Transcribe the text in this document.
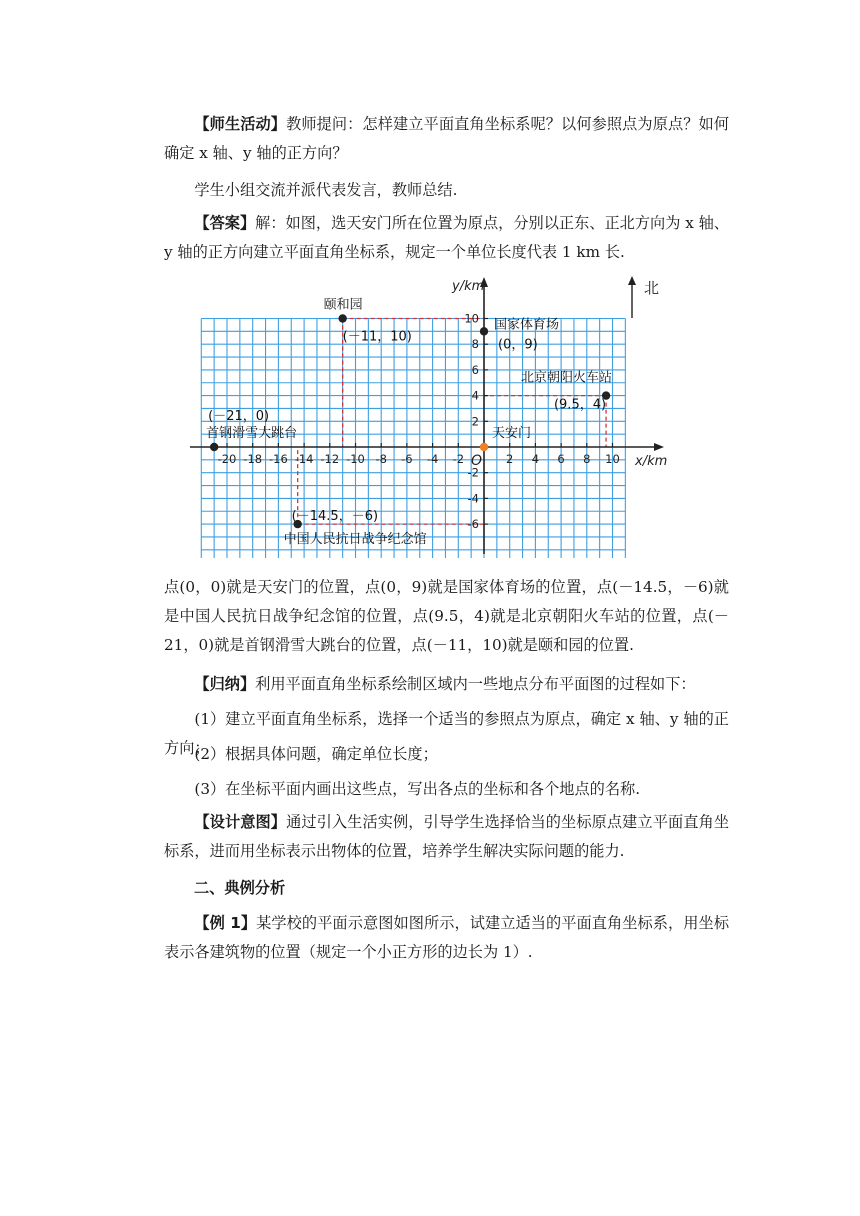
【师生活动】教师提问：怎样建立平面直角坐标系呢？以何参照点为原点？如何确定 x 轴、y 轴的正方向？
学生小组交流并派代表发言，教师总结.
【答案】解：如图，选天安门所在位置为原点，分别以正东、正北方向为 x 轴、y 轴的正方向建立平面直角坐标系，规定一个单位长度代表 1 km 长.
-20 -18 -16 -14 -12 -10 -8 -6 -4 -2	2 4 6 8 10
10
8
6
4
2
-2
-4
-6
颐和园
(－11，10)
国家体育场
(0，9)
北京朝阳火车站
(9.5，4)
首钢滑雪大跳台
(－21，0)
天安门
中国人民抗日战争纪念馆
(－14.5，－6)
北
y/km
x/km
O
点(0，0)就是天安门的位置，点(0，9)就是国家体育场的位置，点(－14.5，－6)就是中国人民抗日战争纪念馆的位置，点(9.5，4)就是北京朝阳火车站的位置，点(－21，0)就是首钢滑雪大跳台的位置，点(－11，10)就是颐和园的位置.
【归纳】利用平面直角坐标系绘制区域内一些地点分布平面图的过程如下：
(1）建立平面直角坐标系，选择一个适当的参照点为原点，确定 x 轴、y 轴的正方向；
(2）根据具体问题，确定单位长度；
(3）在坐标平面内画出这些点，写出各点的坐标和各个地点的名称.
【设计意图】通过引入生活实例，引导学生选择恰当的坐标原点建立平面直角坐标系，进而用坐标表示出物体的位置，培养学生解决实际问题的能力.
二、典例分析
【例 1】某学校的平面示意图如图所示，试建立适当的平面直角坐标系，用坐标表示各建筑物的位置（规定一个小正方形的边长为 1）.
